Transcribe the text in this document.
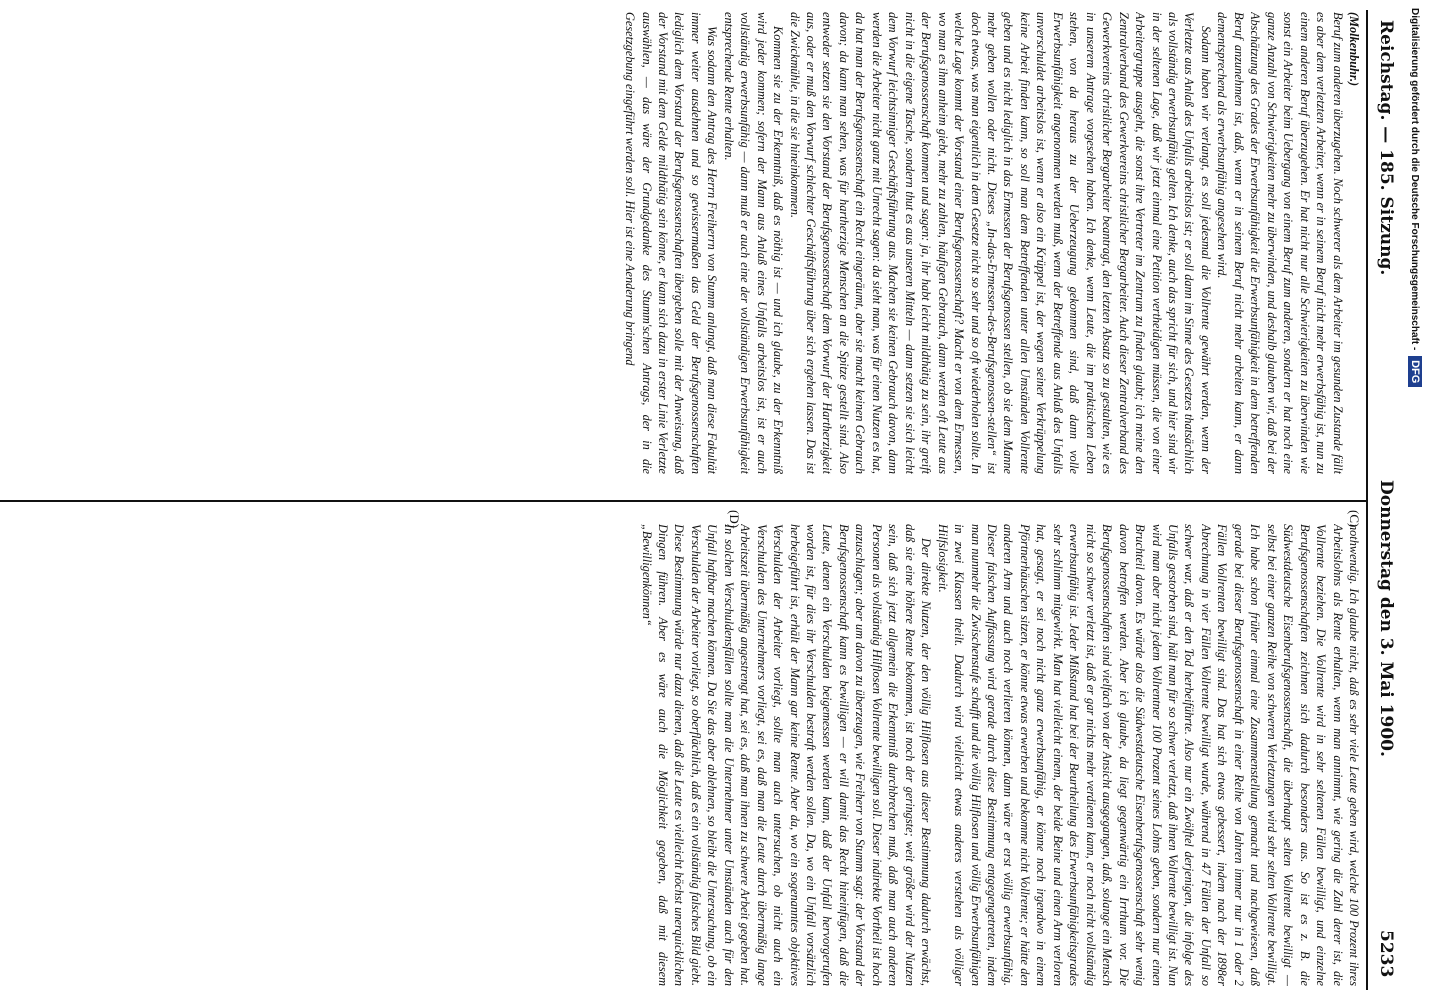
Reichstag. — 185. Sitzung.
Donnerstag den 3. Mai 1900.
5233
(C)
(D)

(Molkenbuhr.)

Beruf zum anderen überzugehen. Noch schwerer als dem Arbeiter im gesunden Zustande fällt es aber dem verletzten Arbeiter, wenn er in seinem Beruf nicht mehr erwerbsfähig ist, nun zu einem anderen Beruf überzugehen. Er hat nicht nur alle Schwierigkeiten zu überwinden wie sonst ein Arbeiter beim Uebergang von einem Beruf zum anderen, sondern er hat noch eine ganze Anzahl von Schwierigkeiten mehr zu überwinden, und deshalb glauben wir, daß bei der Abschätzung des Grades der Erwerbsunfähigkeit die Erwerbsunfähigkeit in dem betreffenden Beruf anzunehmen ist, daß, wenn er in seinem Beruf nicht mehr arbeiten kann, er dann dementsprechend als erwerbsunfähig angesehen wird.

Sodann haben wir verlangt, es soll jedesmal die Vollrente gewährt werden, wenn der Verletzte aus Anlaß des Unfalls arbeitslos ist; er soll dann im Sinne des Gesetzes thatsächlich als vollständig erwerbsunfähig gelten. Ich denke, auch das spricht für sich, und hier sind wir in der seltenen Lage, daß wir jetzt einmal eine Petition vertheidigen müssen, die von einer Arbeitergruppe ausgeht, die sonst ihre Vertreter im Zentrum zu finden glaubt; ich meine den Zentralverband des Gewerkvereins christlicher Bergarbeiter. Auch dieser Zentralverband des Gewerkvereins christlicher Bergarbeiter beantragt, den letzten Absatz so zu gestalten, wie es in unserem Antrage vorgesehen haben. Ich denke, wenn Leute, die im praktischen Leben stehen, von da heraus zu der Ueberzeugung gekommen sind, daß dann volle Erwerbsunfähigkeit angenommen werden muß, wenn der Betreffende aus Anlaß des Unfalls unverschuldet arbeitslos ist, wenn er also ein Krüppel ist, der wegen seiner Verkrüppelung keine Arbeit finden kann, so soll man dem Betreffenden unter allen Umständen Vollrente geben und es nicht lediglich in das Ermessen der Berufsgenossen stellen, ob sie dem Manne mehr geben wollen oder nicht. Dieses „In-das-Ermessen-des-Berufsgenossen-stellen“ ist doch etwas, was man eigentlich in dem Gesetze nicht so sehr und so oft wiederholen sollte. In welche Lage kommt der Vorstand einer Berufsgenossenschaft? Macht er von dem Ermessen, wo man es ihm anheim giebt, mehr zu zahlen, häufigen Gebrauch, dann werden oft Leute aus der Berufsgenossenschaft kommen und sagen: ja, ihr habt leicht mildthätig zu sein, ihr greift nicht in die eigene Tasche, sondern thut es aus unseren Mitteln — dann setzen sie sich leicht dem Vorwurf leichtsinniger Geschäftsführung aus. Machen sie keinen Gebrauch davon, dann werden die Arbeiter nicht ganz mit Unrecht sagen: da sieht man, was für einen Nutzen es hat, da hat man der Berufsgenossenschaft ein Recht eingeräumt, aber sie macht keinen Gebrauch davon; da kann man sehen, was für hartherzige Menschen an die Spitze gestellt sind. Also entweder setzen sie den Vorstand der Berufsgenossenschaft dem Vorwurf der Hartherzigkeit aus, oder er muß den Vorwurf schlechter Geschäftsführung über sich ergehen lassen. Das ist die Zwickmühle, in die sie hineinkommen.

Kommen sie zu der Erkenntniß, daß es nöthig ist — und ich glaube, zu der Erkenntniß wird jeder kommen; sofern der Mann aus Anlaß eines Unfalls arbeitslos ist, ist er auch vollständig erwerbsunfähig — dann muß er auch eine der vollständigen Erwerbsunfähigkeit entsprechende Rente erhalten.

Was sodann den Antrag des Herrn Freiherrn von Stumm anlangt, daß man diese Fakultät immer weiter ausdehnen und so gewissermaßen das Geld der Berufsgenossenschaften lediglich dem Vorstand der Berufsgenossenschaften übergeben solle mit der Anweisung, daß der Vorstand mit dem Gelde mildthätig sein könne, er kann sich dazu in erster Linie Verletzte auswählen, — das wäre der Grundgedanke des Stumm'schen Antrags, der in die Gesetzgebung eingeführt werden soll. Hier ist eine Aenderung bringend

nothwendig. Ich glaube nicht, daß es sehr viele Leute geben wird, welche 100 Prozent ihres Arbeitslohns als Rente erhalten, wenn man annimmt, wie gering die Zahl derer ist, die Vollrente beziehen. Die Vollrente wird in sehr seltenen Fällen bewilligt, und einzelne Berufsgenossenschaften zeichnen sich dadurch besonders aus. So ist es z. B. die Südwestdeutsche Eisenberufsgenossenschaft, die überhaupt selten Vollrente bewilligt — selbst bei einer ganzen Reihe von schweren Verletzungen wird sehr selten Vollrente bewilligt. Ich habe schon früher einmal eine Zusammenstellung gemacht und nachgewiesen, daß gerade bei dieser Berufsgenossenschaft in einer Reihe von Jahren immer nur in 1 oder 2 Fällen Vollrenten bewilligt sind. Das hat sich etwas gebessert, indem nach der 1898er Abrechnung in vier Fällen Vollrente bewilligt wurde, während in 47 Fällen der Unfall so schwer war, daß er den Tod herbeiführte. Also nur ein Zwölftel derjenigen, die infolge des Unfalls gestorben sind, hält man für so schwer verletzt, daß ihnen Vollrente bewilligt ist. Nun wird man aber nicht jedem Vollrentner 100 Prozent seines Lohns geben, sondern nur einen Bruchteil davon. Es würde also die Südwestdeutsche Eisenberufsgenossenschaft sehr wenig davon betroffen werden. Aber ich glaube, da liegt gegenwärtig ein Irrthum vor. Die Berufsgenossenschaften sind vielfach von der Ansicht ausgegangen, daß, solange ein Mensch nicht so schwer verletzt ist, daß er gar nichts mehr verdienen kann, er noch nicht vollständig erwerbsunfähig ist. Jeder Mißstand hat bei der Beurtheilung des Erwerbsunfähigkeitsgrades sehr schlimm mitgewirkt. Man hat vielleicht einem, der beide Beine und einen Arm verloren hat, gesagt, er sei noch nicht ganz erwerbsunfähig, er könne noch irgendwo in einem Pförtnerhäuschen sitzen, er könne etwas erwerben und bekomme nicht Vollrente; er hätte den anderen Arm und auch noch verlieren können, dann wäre er erst völlig erwerbsunfähig. Dieser falschen Auffassung wird gerade durch diese Bestimmung entgegengetreten, indem man nunmehr die Zwischenstufe schafft und die völlig Hilflosen und völlig Erwerbsunfähigen in zwei Klassen theilt. Dadurch wird vielleicht etwas anderes verstehen als völliger Hilfslosigkeit.

Der direkte Nutzen, der den völlig Hilflosen aus dieser Bestimmung dadurch erwächst, daß sie eine höhere Rente bekommen, ist noch der geringste; weit größer wird der Nutzen sein, daß sich jetzt allgemein die Erkenntniß durchbrechen muß, daß man auch anderen Personen als vollständig Hilflosen Vollrente bewilligen soll. Dieser indirekte Vortheil ist hoch anzuschlagen; aber um davon zu überzeugen, wie Freiherr von Stumm sagt: der Vorstand der Berufsgenossenschaft kann es bewilligen — er will damit das Recht hineinfügen, daß die Leute, denen ein Verschulden beigemessen werden kann, daß der Unfall hervorgerufen worden ist, für dies ihr Verschulden bestraft werden sollen. Da, wo ein Unfall vorsätzlich herbeigeführt ist, erhält der Mann gar keine Rente. Aber da, wo ein sogenanntes objektives Verschulden der Arbeiter vorliegt, sollte man auch untersuchen, ob nicht auch ein Verschulden des Unternehmers vorliegt, sei es, daß man die Leute durch übermäßig lange Arbeitszeit übermäßig angestrengt hat, sei es, daß man ihnen zu schwere Arbeit gegeben hat. In solchen Verschuldensfällen sollte man die Unternehmer unter Umständen auch für den Unfall haftbar machen können. Da Sie das aber ablehnen, so bleibt die Untersuchung, ob ein Verschulden der Arbeiter vorliegt, so oberflächlich, daß es ein vollständig falsches Bild giebt. Diese Bestimmung würde nur dazu dienen, daß die Leute es vielleicht höchst unerquicklichen Dingen führen. Aber es wäre auch die Möglichkeit gegeben, daß mit diesem „Bewilligenkönnen“

Digitalisierung gefördert durch die Deutsche Forschungsgemeinschaft - DFG
